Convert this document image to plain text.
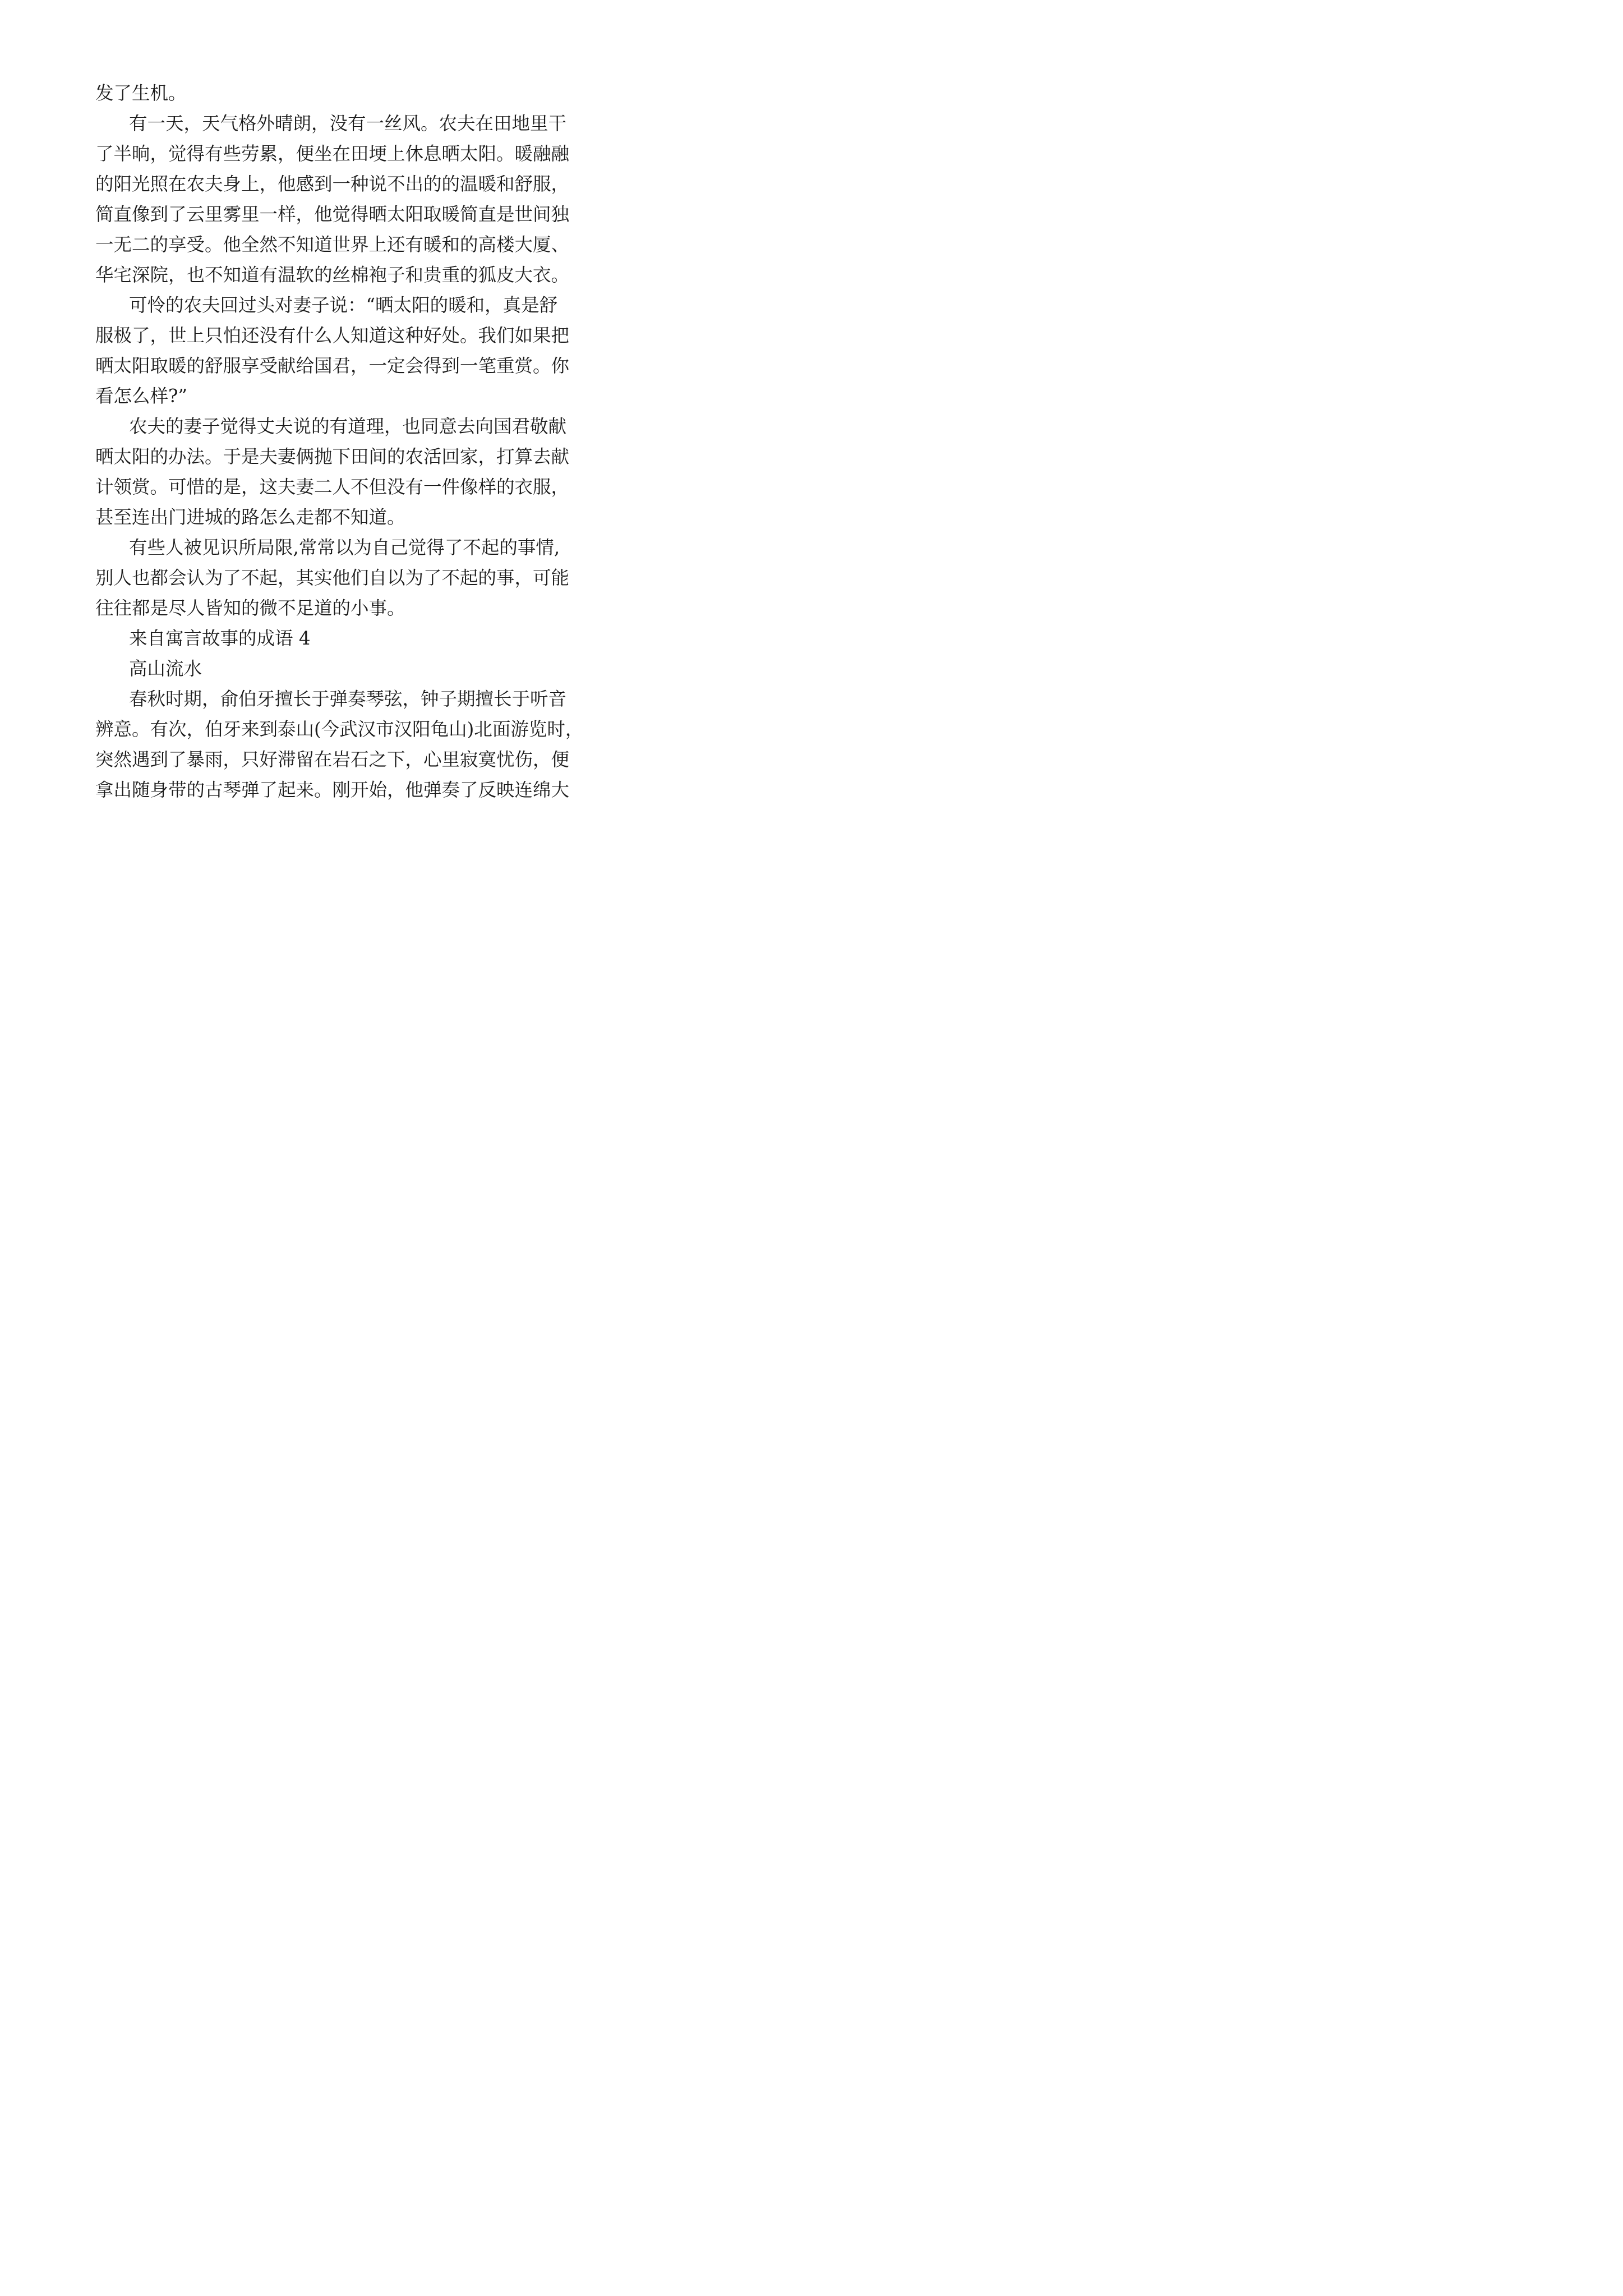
发了生机。
有一天，天气格外晴朗，没有一丝风。农夫在田地里干
了半晌，觉得有些劳累，便坐在田埂上休息晒太阳。暖融融
的阳光照在农夫身上，他感到一种说不出的的温暖和舒服，
简直像到了云里雾里一样，他觉得晒太阳取暖简直是世间独
一无二的享受。他全然不知道世界上还有暖和的高楼大厦、
华宅深院，也不知道有温软的丝棉袍子和贵重的狐皮大衣。
可怜的农夫回过头对妻子说：“晒太阳的暖和，真是舒
服极了，世上只怕还没有什么人知道这种好处。我们如果把
晒太阳取暖的舒服享受献给国君，一定会得到一笔重赏。你
看怎么样?”
农夫的妻子觉得丈夫说的有道理，也同意去向国君敬献
晒太阳的办法。于是夫妻俩抛下田间的农活回家，打算去献
计领赏。可惜的是，这夫妻二人不但没有一件像样的衣服，
甚至连出门进城的路怎么走都不知道。
有些人被见识所局限,常常以为自己觉得了不起的事情,
别人也都会认为了不起，其实他们自以为了不起的事，可能
往往都是尽人皆知的微不足道的小事。
来自寓言故事的成语 4
高山流水
春秋时期，俞伯牙擅长于弹奏琴弦，钟子期擅长于听音
辨意。有次，伯牙来到泰山(今武汉市汉阳龟山)北面游览时，
突然遇到了暴雨，只好滞留在岩石之下，心里寂寞忧伤，便
拿出随身带的古琴弹了起来。刚开始，他弹奏了反映连绵大
